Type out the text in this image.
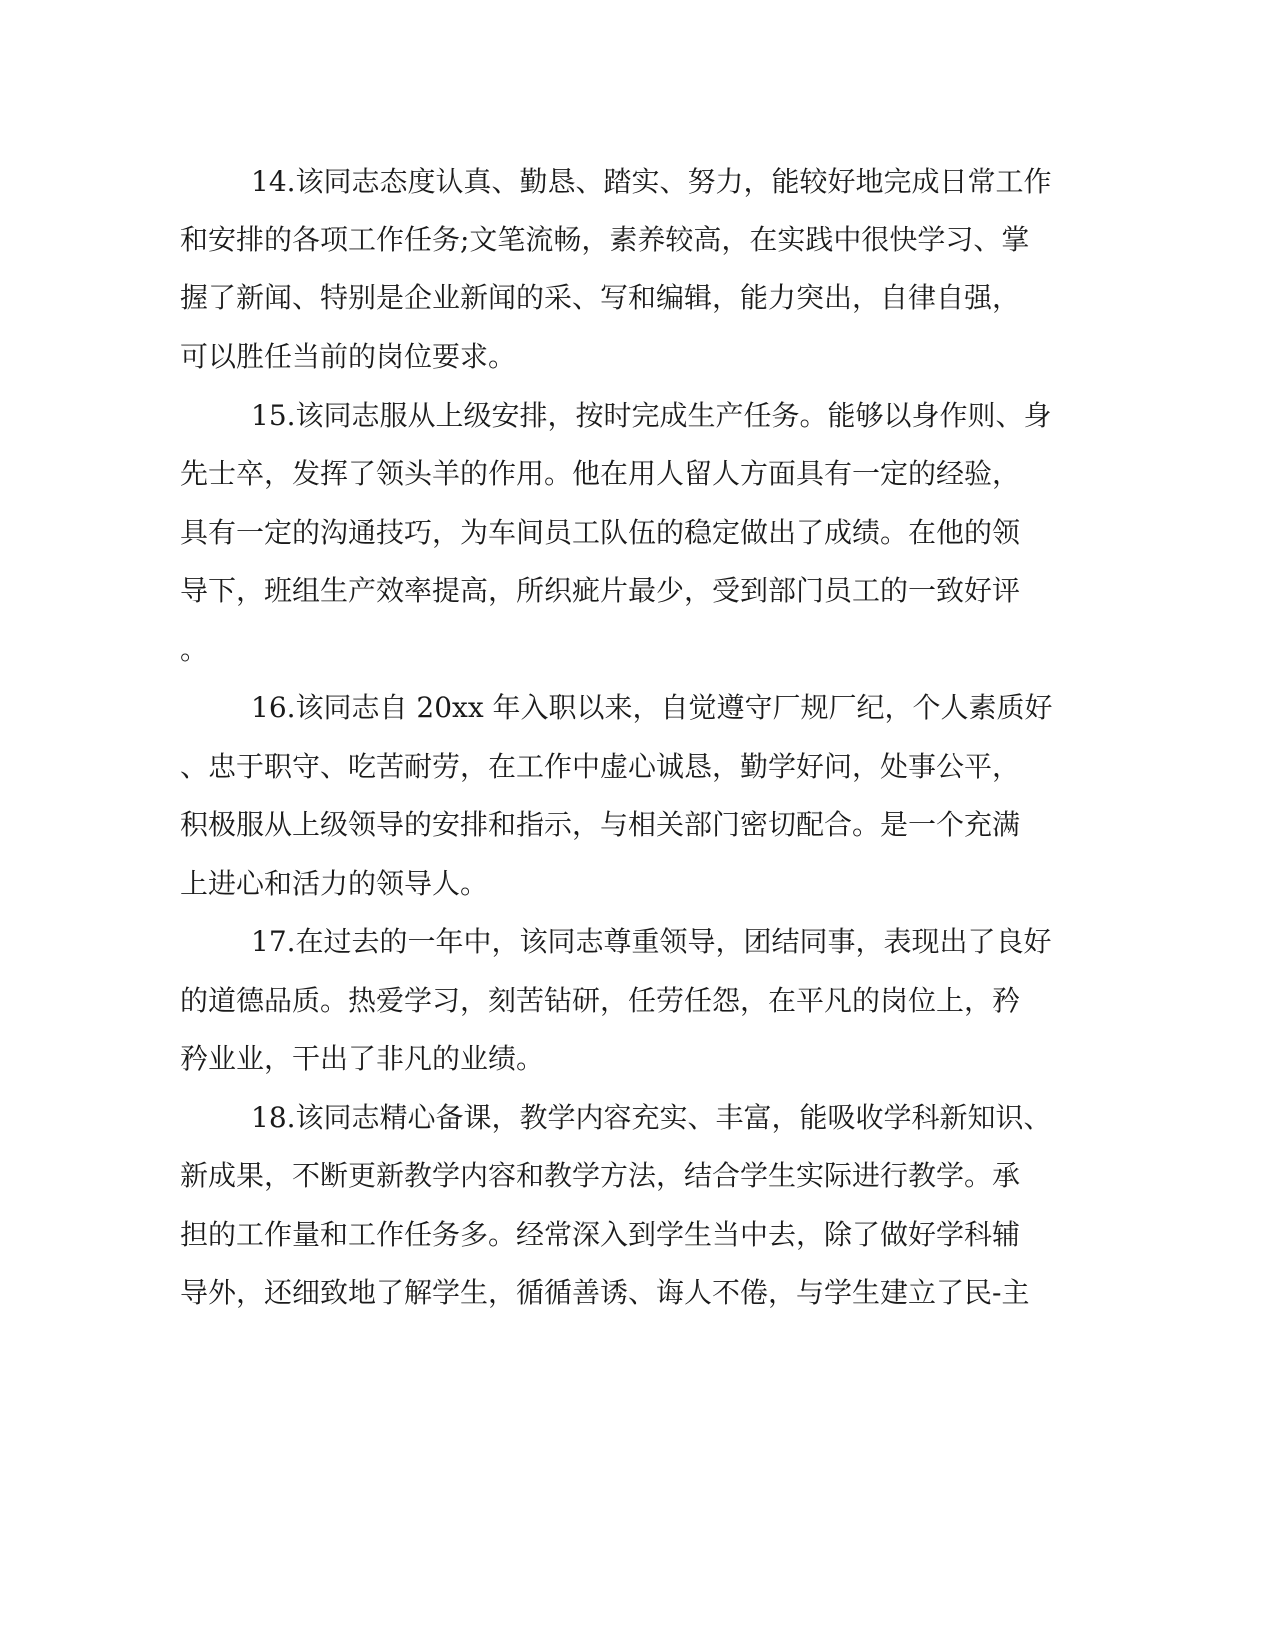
14.该同志态度认真、勤恳、踏实、努力，能较好地完成日常工作

和安排的各项工作任务;文笔流畅，素养较高，在实践中很快学习、掌

握了新闻、特别是企业新闻的采、写和编辑，能力突出，自律自强，

可以胜任当前的岗位要求。

15.该同志服从上级安排，按时完成生产任务。能够以身作则、身

先士卒，发挥了领头羊的作用。他在用人留人方面具有一定的经验，

具有一定的沟通技巧，为车间员工队伍的稳定做出了成绩。在他的领

导下，班组生产效率提高，所织疵片最少，受到部门员工的一致好评

。

16.该同志自 20xx 年入职以来，自觉遵守厂规厂纪，个人素质好

、忠于职守、吃苦耐劳，在工作中虚心诚恳，勤学好问，处事公平，

积极服从上级领导的安排和指示，与相关部门密切配合。是一个充满

上进心和活力的领导人。

17.在过去的一年中，该同志尊重领导，团结同事，表现出了良好

的道德品质。热爱学习，刻苦钻研，任劳任怨，在平凡的岗位上，矜

矜业业，干出了非凡的业绩。

18.该同志精心备课，教学内容充实、丰富，能吸收学科新知识、

新成果，不断更新教学内容和教学方法，结合学生实际进行教学。承

担的工作量和工作任务多。经常深入到学生当中去，除了做好学科辅

导外，还细致地了解学生，循循善诱、诲人不倦，与学生建立了民-主
